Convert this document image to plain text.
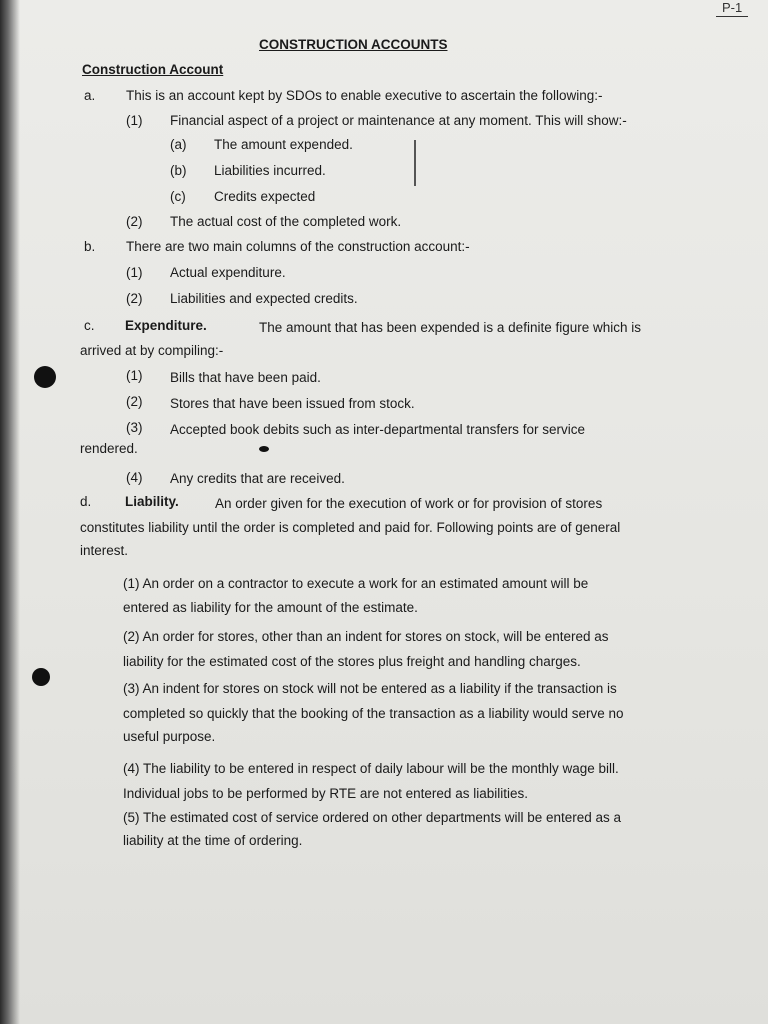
P-1
CONSTRUCTION ACCOUNTS
Construction Account
a. This is an account kept by SDOs to enable executive to ascertain the following:-
(1) Financial aspect of a project or maintenance at any moment. This will show:-
(a) The amount expended.
(b) Liabilities incurred.
(c) Credits expected
(2) The actual cost of the completed work.
b. There are two main columns of the construction account:-
(1) Actual expenditure.
(2) Liabilities and expected credits.
c. Expenditure.	The amount that has been expended is a definite figure which is
arrived at by compiling:-
(1) Bills that have been paid.
(2) Stores that have been issued from stock.
(3) Accepted book debits such as inter-departmental transfers for service
rendered.
(4) Any credits that are received.
d. Liability.	An order given for the execution of work or for provision of stores
constitutes liability until the order is completed and paid for. Following points are of general
interest.
(1) An order on a contractor to execute a work for an estimated amount will be
entered as liability for the amount of the estimate.
(2) An order for stores, other than an indent for stores on stock, will be entered as
liability for the estimated cost of the stores plus freight and handling charges.
(3) An indent for stores on stock will not be entered as a liability if the transaction is
completed so quickly that the booking of the transaction as a liability would serve no
useful purpose.
(4) The liability to be entered in respect of daily labour will be the monthly wage bill.
Individual jobs to be performed by RTE are not entered as liabilities.
(5) The estimated cost of service ordered on other departments will be entered as a
liability at the time of ordering.
